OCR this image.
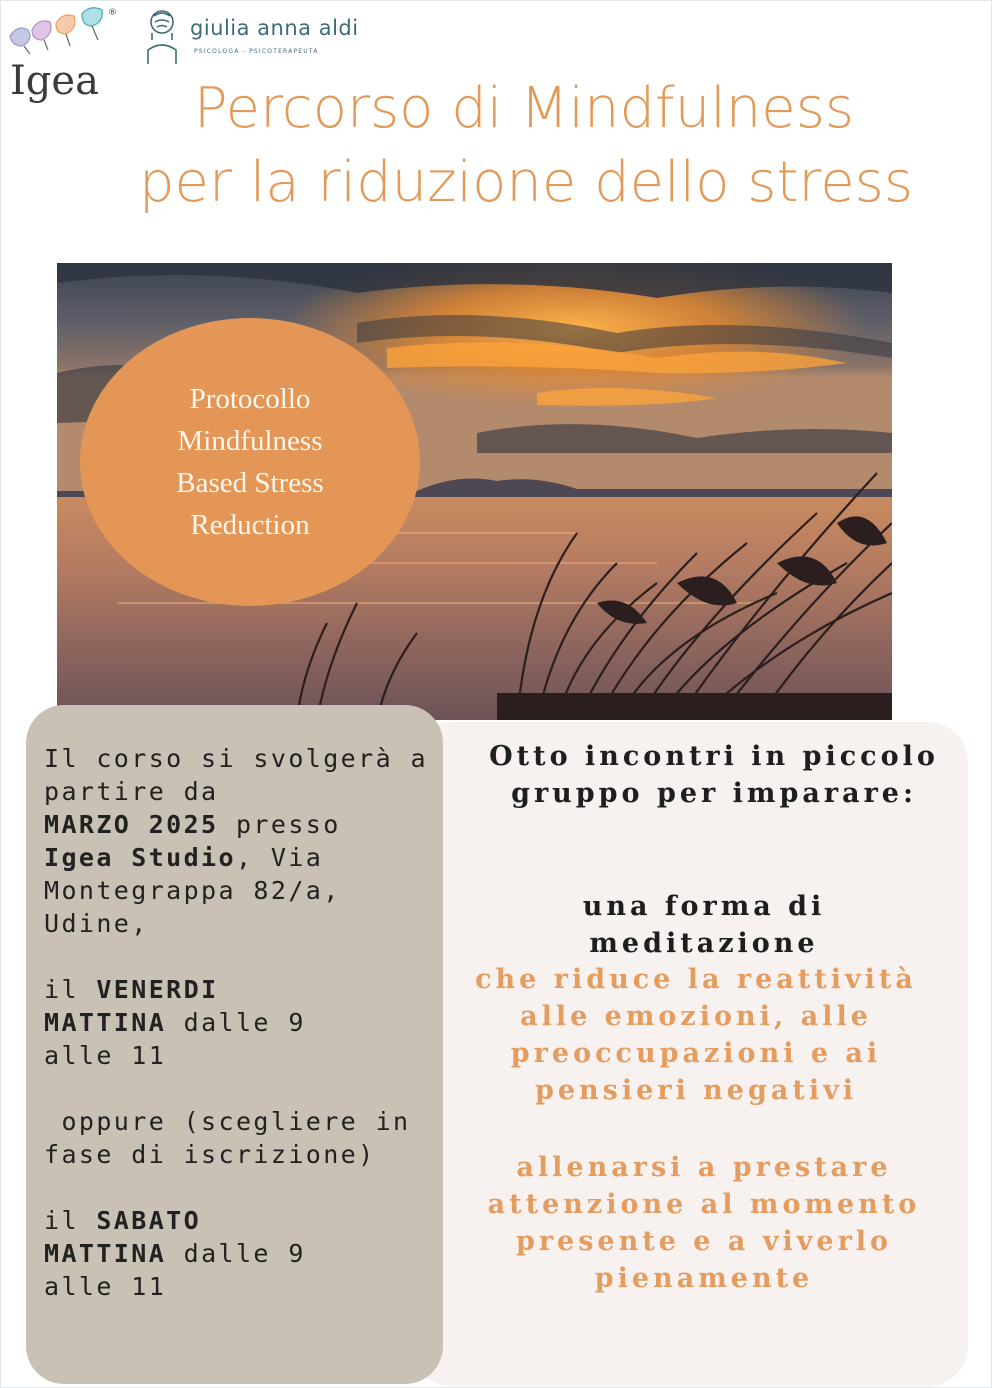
®
Igea
giulia anna aldi
PSICOLOGA - PSICOTERAPEUTA
Percorso di Mindfulness
per la riduzione dello stress
Protocollo
Mindfulness
Based Stress
Reduction
Il corso si svolgerà a
partire da
MARZO 2025 presso
Igea Studio, Via
Montegrappa 82/a,
Udine,
il VENERDI
MATTINA dalle 9
alle 11
oppure (scegliere in
fase di iscrizione)
il SABATO
MATTINA dalle 9
alle 11
Otto incontri in piccolo
gruppo per imparare:
una forma di
meditazione
che riduce la reattività
alle emozioni, alle
preoccupazioni e ai
pensieri negativi
allenarsi a prestare
attenzione al momento
presente e a viverlo
pienamente
